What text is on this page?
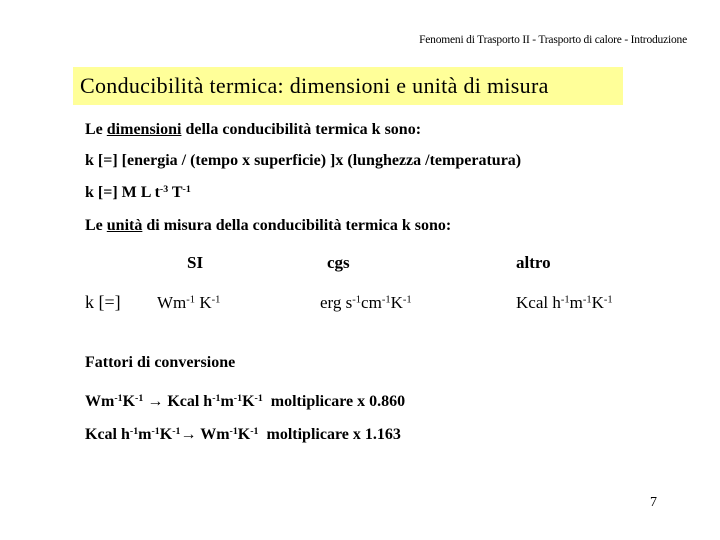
Fenomeni di Trasporto II - Trasporto di calore - Introduzione
Conducibilità termica: dimensioni e unità di misura
Le dimensioni della conducibilità termica k sono:
k [=] [energia / (tempo x superficie) ]x (lunghezza /temperatura)
k [=] M L $t^{-3}$ $T^{-1}$
Le unità di misura della conducibilità termica k sono:
SI	cgs	altro
k [=] $Wm^{-1}$ $K^{-1}$	erg $s^{-1}cm^{-1}K^{-1}$	Kcal $h^{-1}m^{-1}K^{-1}$
Fattori di conversione
$Wm^{-1}K^{-1}$ → Kcal $h^{-1}m^{-1}K^{-1}$ moltiplicare x 0.860
Kcal $h^{-1}m^{-1}K^{-1}\to Wm^{-1}K^{-1}$ moltiplicare x 1.163
7
